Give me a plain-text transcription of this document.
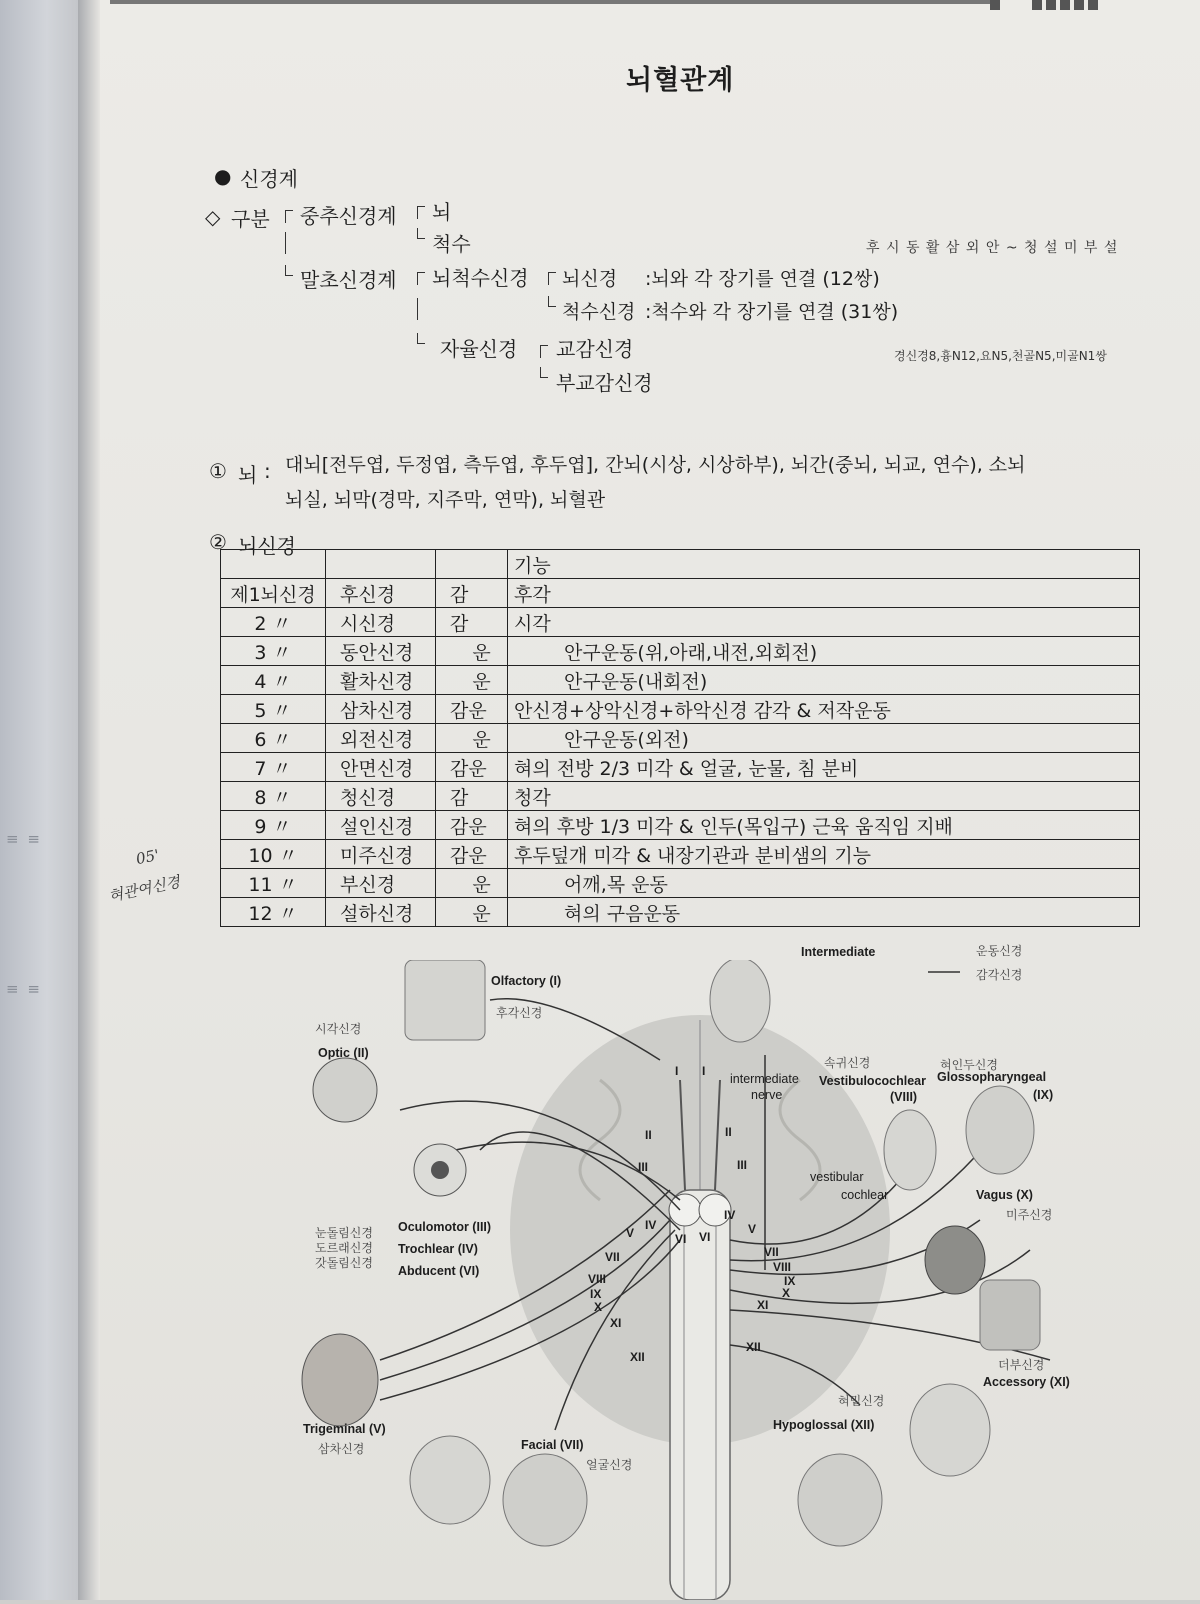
≡ ≡
≡ ≡
뇌혈관계
● 신경계
◇ 구분 중추신경계 뇌
척수
말초신경계 뇌척수신경 뇌신경 :뇌와 각 장기를 연결 (12쌍)
척수신경 :척수와 각 장기를 연결 (31쌍)
자율신경 교감신경
부교감신경
후 시 동 활 삼 외 안 ~ 청 설 미 부 설
경신경8,흉N12,요N5,천골N5,미골N1쌍
① 뇌 : 대뇌[전두엽, 두정엽, 측두엽, 후두엽], 간뇌(시상, 시상하부), 뇌간(중뇌, 뇌교, 연수), 소뇌
뇌실, 뇌막(경막, 지주막, 연막), 뇌혈관
② 뇌신경
			기능
제1뇌신경	후신경	감	후각
2 〃	시신경	감	시각
3 〃	동안신경	운	안구운동(위,아래,내전,외회전)
4 〃	활차신경	운	안구운동(내회전)
5 〃	삼차신경	감운	안신경+상악신경+하악신경 감각 & 저작운동
6 〃	외전신경	운	안구운동(외전)
7 〃	안면신경	감운	혀의 전방 2/3 미각 & 얼굴, 눈물, 침 분비
8 〃	청신경	감	청각
9 〃	설인신경	감운	혀의 후방 1/3 미각 & 인두(목입구) 근육 움직임 지배
10 〃	미주신경	감운	후두덮개 미각 & 내장기관과 분비샘의 기능
11 〃	부신경	운	어깨,목 운동
12 〃	설하신경	운	혀의 구음운동
05'
혀관여신경
Intermediate	운동신경
감각신경
Olfactory (I)
후각신경
시각신경
Optic (II)
intermediate
nerve
속귀신경
Vestibulocochlear
(VIII)
혀인두신경
Glossopharyngeal
(IX)
vestibular
cochlear	Vagus (X)
미주신경
Oculomotor (III)
Trochlear (IV)
Abducent (VI)
눈돌림신경
도르래신경
갓돌림신경
Accessory (XI)
더부신경
Trigeminal (V)
삼차신경	Facial (VII)
얼굴신경
혀밑신경
Hypoglossal (XII)
I I
II	II
III	III
IV
IV
V	V
VI VI
VII	VII
VIII
VIII
IX
IX
X
X
XI
XI
XII
XII
